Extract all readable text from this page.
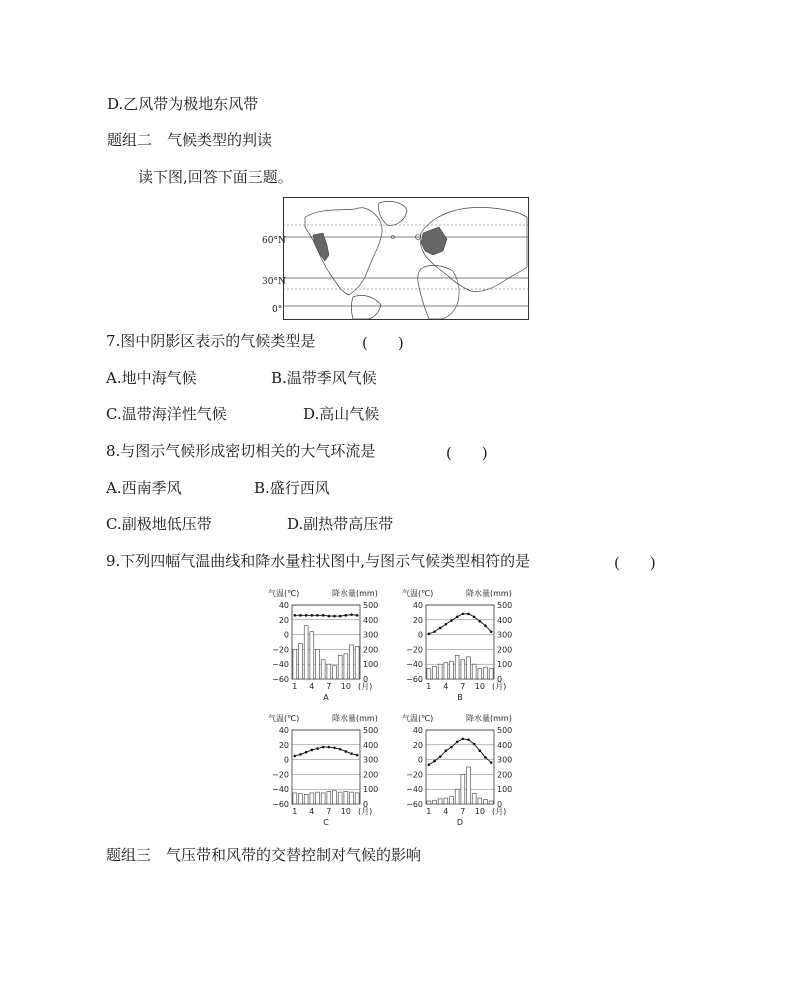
D.乙风带为极地东风带
题组二　气候类型的判读
读下图,回答下面三题。
60°N
30°N
0°
7.图中阴影区表示的气候类型是	(　　)
A.地中海气候	B.温带季风气候
C.温带海洋性气候	D.高山气候
8.与图示气候形成密切相关的大气环流是	(　　)
A.西南季风	B.盛行西风
C.副极地低压带	D.副热带高压带
9.下列四幅气温曲线和降水量柱状图中,与图示气候类型相符的是	(　　)
气温(℃)	降水量(mm)
40
20
0
−20
−40
−60
500
400
300
200
100
0
1 4 7 10 (月)
A
气温(℃)	降水量(mm)
40
20
0
−20
−40
−60
500
400
300
200
100
0
1 4 7 10 (月)
B
气温(℃)	降水量(mm)
40
20
0
−20
−40
−60
500
400
300
200
100
0
1 4 7 10 (月)
C
气温(℃)	降水量(mm)
40
20
0
−20
−40
−60
500
400
300
200
100
0
1 4 7 10 (月)
D
题组三　气压带和风带的交替控制对气候的影响
